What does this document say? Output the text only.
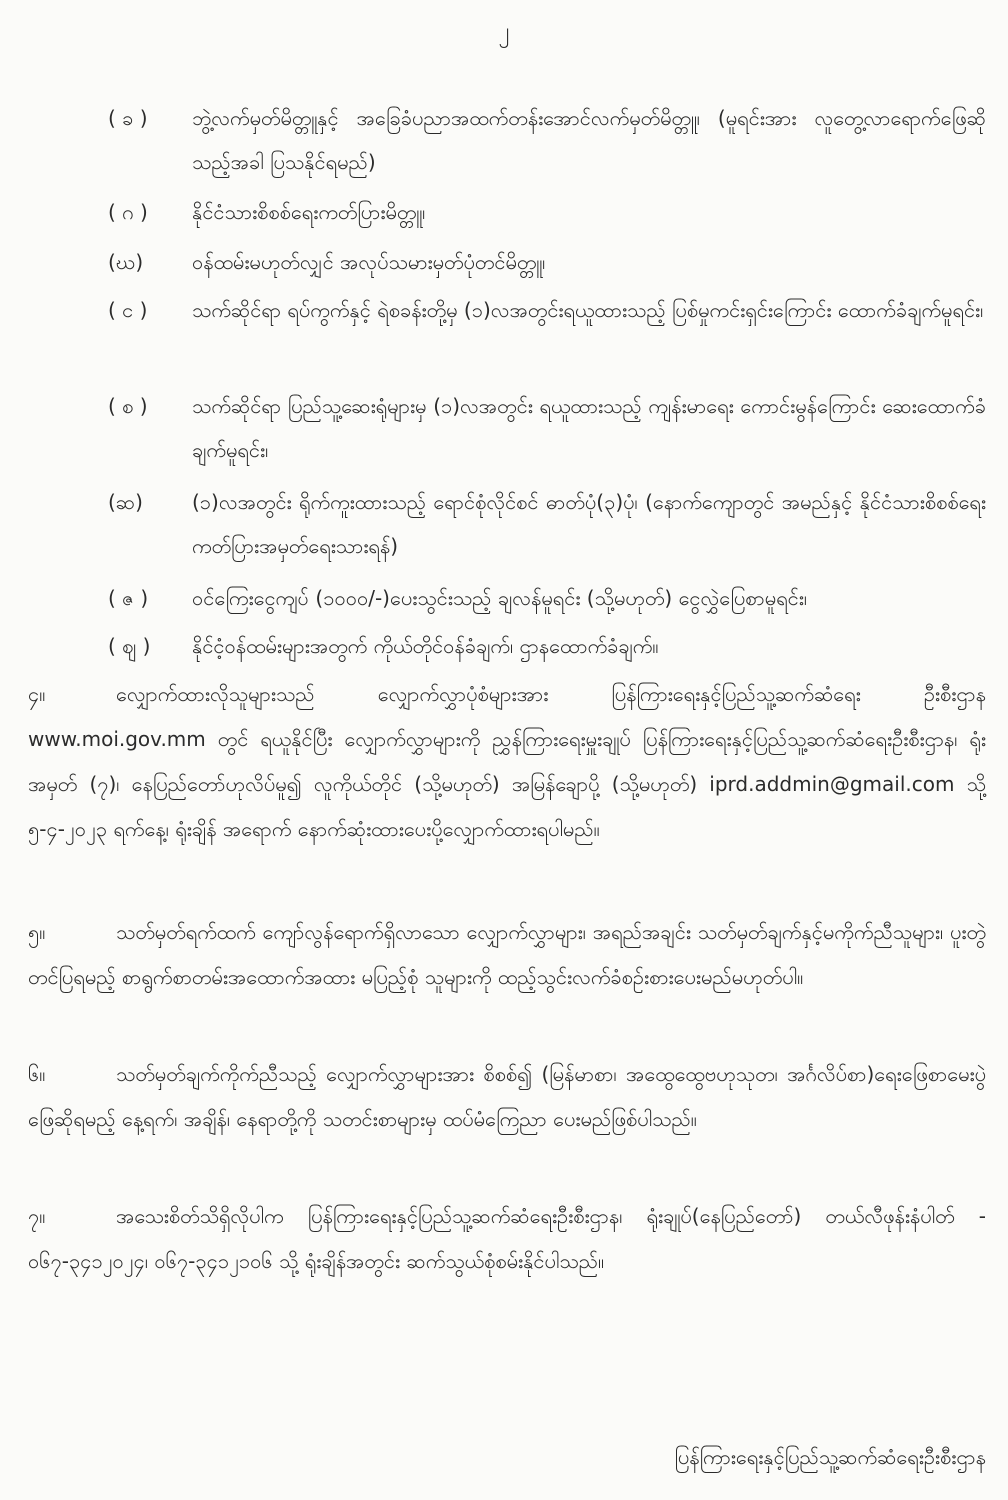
၂
( ခ )	ဘွဲ့လက်မှတ်မိတ္တူနှင့် အခြေခံပညာအထက်တန်းအောင်လက်မှတ်မိတ္တူ၊ (မူရင်းအား လူတွေ့လာရောက်ဖြေဆိုသည့်အခါ ပြသနိုင်ရမည်)
( ဂ )	နိုင်ငံသားစိစစ်ရေးကတ်ပြားမိတ္တူ၊
(ဃ)	ဝန်ထမ်းမဟုတ်လျှင် အလုပ်သမားမှတ်ပုံတင်မိတ္တူ၊
( င )	သက်ဆိုင်ရာ ရပ်ကွက်နှင့် ရဲစခန်းတို့မှ (၁)လအတွင်းရယူထားသည့် ပြစ်မှုကင်းရှင်းကြောင်း ထောက်ခံချက်မူရင်း၊
( စ )	သက်ဆိုင်ရာ ပြည်သူ့ဆေးရုံများမှ (၁)လအတွင်း ရယူထားသည့် ကျန်းမာရေး ကောင်းမွန်ကြောင်း ဆေးထောက်ခံချက်မူရင်း၊
(ဆ)	(၁)လအတွင်း ရိုက်ကူးထားသည့် ရောင်စုံလိုင်စင် ဓာတ်ပုံ(၃)ပုံ၊ (နောက်ကျောတွင် အမည်နှင့် နိုင်ငံသားစိစစ်ရေးကတ်ပြားအမှတ်ရေးသားရန်)
( ဇ )	ဝင်ကြေးငွေကျပ် (၁၀၀၀/-)ပေးသွင်းသည့် ချလန်မူရင်း (သို့မဟုတ်) ငွေလွှဲပြေစာမူရင်း၊
( ဈ )	နိုင်ငံ့ဝန်ထမ်းများအတွက် ကိုယ်တိုင်ဝန်ခံချက်၊ ဌာနထောက်ခံချက်။
၄။	လျှောက်ထားလိုသူများသည် လျှောက်လွှာပုံစံများအား ပြန်ကြားရေးနှင့်ပြည်သူ့ဆက်ဆံရေး ဦးစီးဌာန www.moi.gov.mm တွင် ရယူနိုင်ပြီး လျှောက်လွှာများကို ညွှန်ကြားရေးမှူးချုပ် ပြန်ကြားရေးနှင့်ပြည်သူ့ဆက်ဆံရေးဦးစီးဌာန၊ ရုံးအမှတ် (၇)၊ နေပြည်တော်ဟုလိပ်မူ၍ လူကိုယ်တိုင် (သို့မဟုတ်) အမြန်ချောပို့ (သို့မဟုတ်) iprd.addmin@gmail.com သို့ ၅-၄-၂၀၂၃ ရက်နေ့၊ ရုံးချိန် အရောက် နောက်ဆုံးထားပေးပို့လျှောက်ထားရပါမည်။
၅။	သတ်မှတ်ရက်ထက် ကျော်လွန်ရောက်ရှိလာသော လျှောက်လွှာများ၊ အရည်အချင်း သတ်မှတ်ချက်နှင့်မကိုက်ညီသူများ၊ ပူးတွဲတင်ပြရမည့် စာရွက်စာတမ်းအထောက်အထား မပြည့်စုံ သူများကို ထည့်သွင်းလက်ခံစဉ်းစားပေးမည်မဟုတ်ပါ။
၆။	သတ်မှတ်ချက်ကိုက်ညီသည့် လျှောက်လွှာများအား စိစစ်၍ (မြန်မာစာ၊ အထွေထွေဗဟုသုတ၊ အင်္ဂလိပ်စာ)ရေးဖြေစာမေးပွဲဖြေဆိုရမည့် နေ့ရက်၊ အချိန်၊ နေရာတို့ကို သတင်းစာများမှ ထပ်မံကြေညာ ပေးမည်ဖြစ်ပါသည်။
၇။	အသေးစိတ်သိရှိလိုပါက ပြန်ကြားရေးနှင့်ပြည်သူ့ဆက်ဆံရေးဦးစီးဌာန၊ ရုံးချုပ်(နေပြည်တော်) တယ်လီဖုန်းနံပါတ် - ၀၆၇-၃၄၁၂၀၂၄၊ ၀၆၇-၃၄၁၂၁၀၆ သို့ ရုံးချိန်အတွင်း ဆက်သွယ်စုံစမ်းနိုင်ပါသည်။
ပြန်ကြားရေးနှင့်ပြည်သူ့ဆက်ဆံရေးဦးစီးဌာန
